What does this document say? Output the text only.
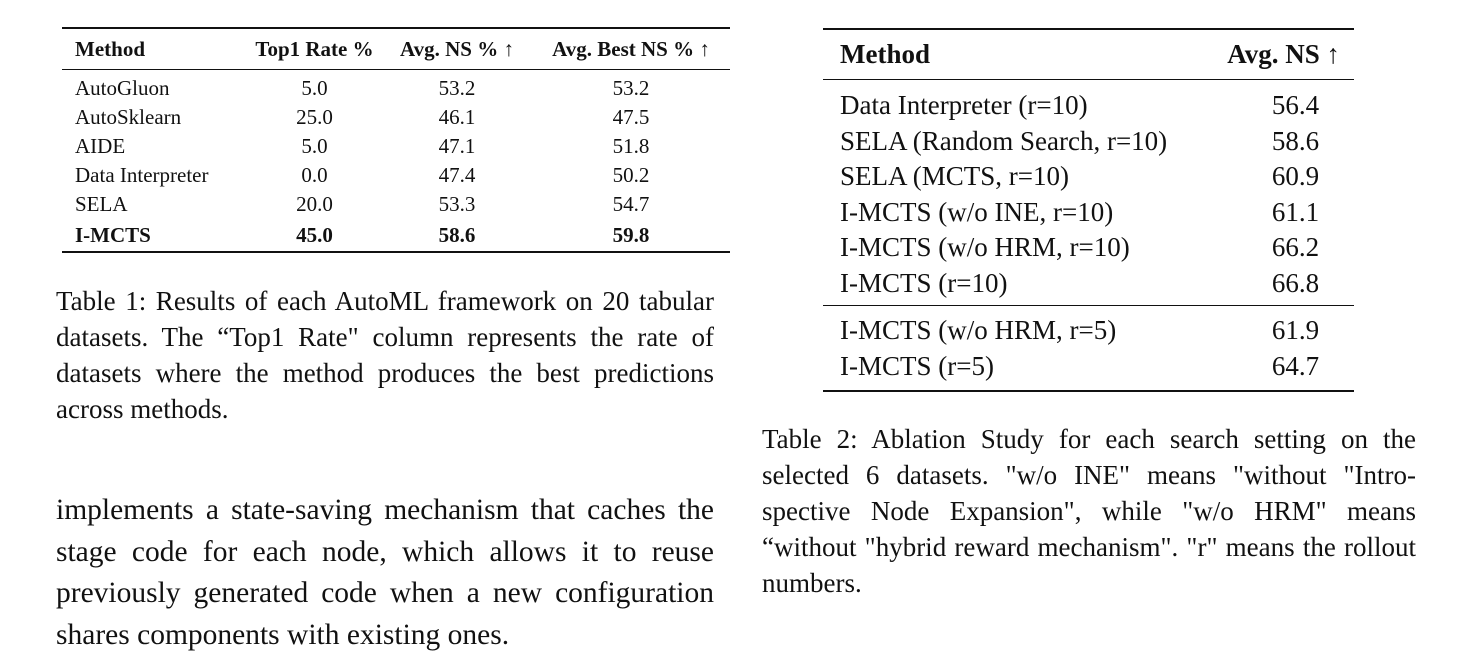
Method	Top1 Rate %	Avg. NS % ↑	Avg. Best NS % ↑
AutoGluon	5.0	53.2	53.2
AutoSklearn	25.0	46.1	47.5
AIDE	5.0	47.1	51.8
Data Interpreter	0.0	47.4	50.2
SELA	20.0	53.3	54.7
I-MCTS	45.0	58.6	59.8
Table 1: Results of each AutoML framework on 20 tabular datasets. The “Top1 Rate" column represents the rate of datasets where the method produces the best predictions across methods.
implements a state-saving mechanism that caches the stage code for each node, which allows it to reuse previously generated code when a new configuration shares components with existing ones.
Method	Avg. NS ↑
Data Interpreter (r=10)	56.4
SELA (Random Search, r=10)	58.6
SELA (MCTS, r=10)	60.9
I-MCTS (w/o INE, r=10)	61.1
I-MCTS (w/o HRM, r=10)	66.2
I-MCTS (r=10)	66.8
I-MCTS (w/o HRM, r=5)	61.9
I-MCTS (r=5)	64.7
Table 2: Ablation Study for each search setting on the selected 6 datasets. "w/o INE" means "without "Introspective Node Expansion", while "w/o HRM" means “without "hybrid reward mechanism". "r" means the rollout numbers.
